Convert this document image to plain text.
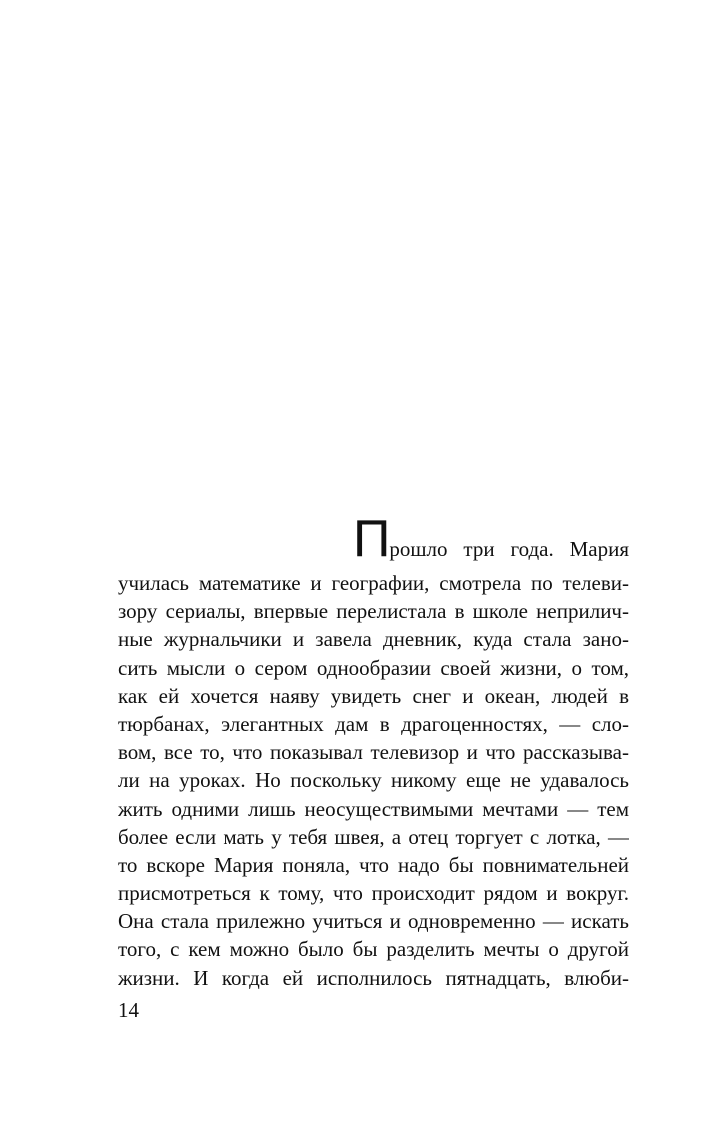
Прошло три года. Мария
училась математике и географии, смотрела по телеви-
зору сериалы, впервые перелистала в школе неприлич-
ные журнальчики и завела дневник, куда стала зано-
сить мысли о сером однообразии своей жизни, о том,
как ей хочется наяву увидеть снег и океан, людей в
тюрбанах, элегантных дам в драгоценностях, — сло-
вом, все то, что показывал телевизор и что рассказыва-
ли на уроках. Но поскольку никому еще не удавалось
жить одними лишь неосуществимыми мечтами — тем
более если мать у тебя швея, а отец торгует с лотка, —
то вскоре Мария поняла, что надо бы повнимательней
присмотреться к тому, что происходит рядом и вокруг.
Она стала прилежно учиться и одновременно — искать
того, с кем можно было бы разделить мечты о другой
жизни. И когда ей исполнилось пятнадцать, влюби-
14
